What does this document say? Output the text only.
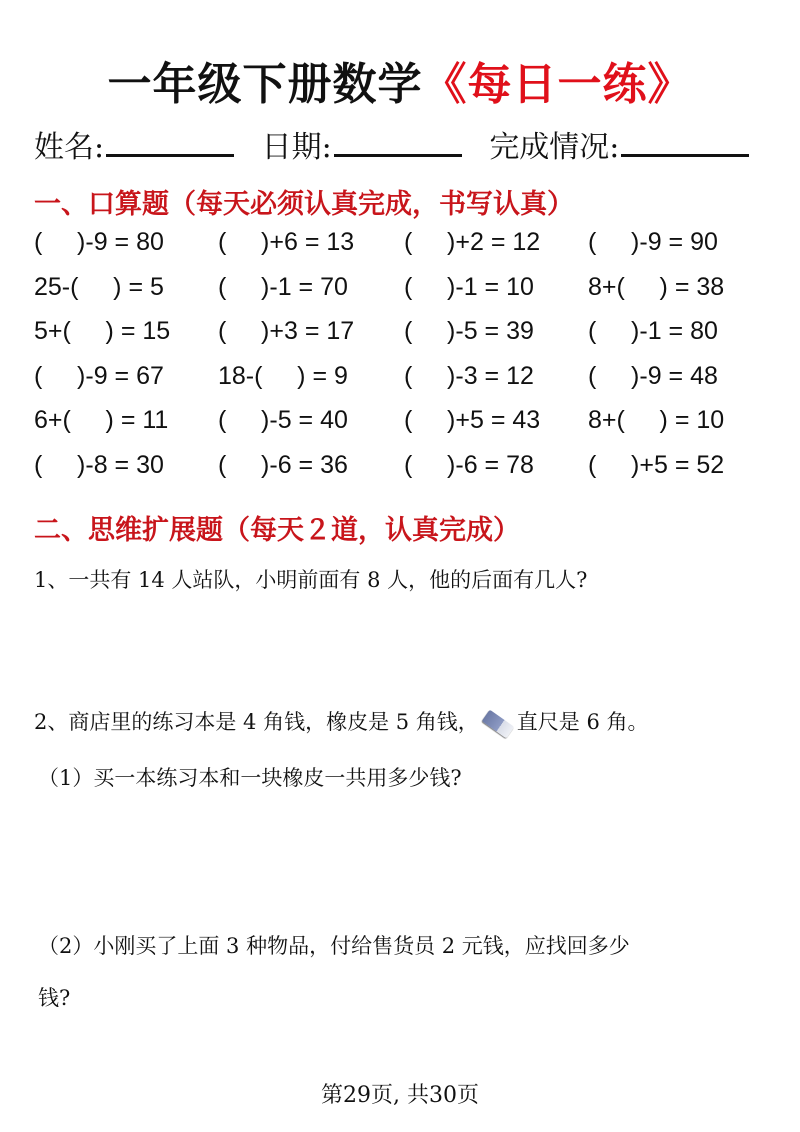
一年级下册数学《每日一练》
姓名:	日期:	完成情况:
一、口算题（每天必须认真完成，书写认真）
(     )-9 = 80 (     )+6 = 13 (     )+2 = 12 (     )-9 = 90
25-(     ) = 5 (     )-1 = 70 (     )-1 = 10 8+(     ) = 38
5+(     ) = 15 (     )+3 = 17 (     )-5 = 39 (     )-1 = 80
(     )-9 = 67 18-(     ) = 9 (     )-3 = 12 (     )-9 = 48
6+(     ) = 11 (     )-5 = 40 (     )+5 = 43 8+(     ) = 10
(     )-8 = 30 (     )-6 = 36 (     )-6 = 78 (     )+5 = 52
二、思维扩展题（每天２道，认真完成）
1、一共有 14 人站队，小明前面有 8 人，他的后面有几人?
2、商店里的练习本是 4 角钱，橡皮是 5 角钱， 直尺是 6 角。
（1）买一本练习本和一块橡皮一共用多少钱?
（2）小刚买了上面 3 种物品，付给售货员 2 元钱，应找回多少
钱?
第29页, 共30页
